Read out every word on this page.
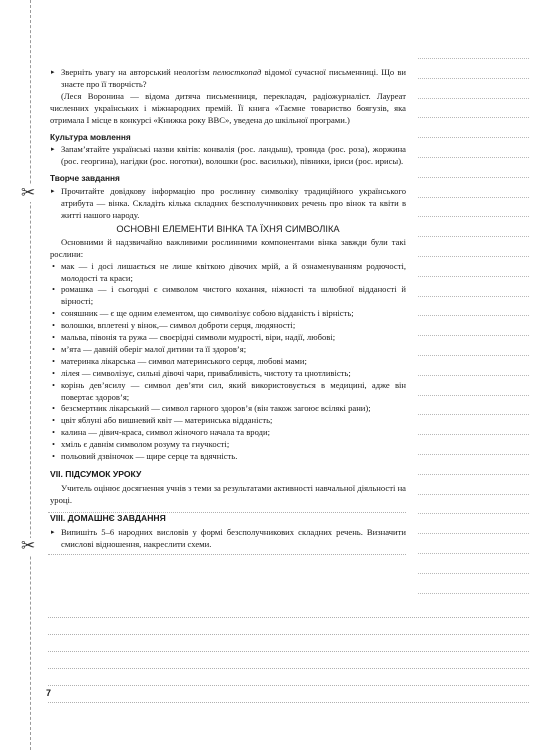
✂
✂

▸ Зверніть увагу на авторський неологізм пелюсткопад відомої сучасної письменниці. Що ви знаєте про її творчість?

(Леся Воронина — відома дитяча письменниця, перекладач, радіожурналіст. Лауреат численних українських і міжнародних премій. Її книга «Таємне товариство боягузів, яка отримала I місце в конкурсі «Книжка року ВВС», уведена до шкільної програми.)

Культура мовлення

▸ Запам’ятайте українські назви квітів: конвалія (рос. ландыш), троянда (рос. роза), жоржина (рос. георгина), нагідки (рос. ноготки), волошки (рос. васильки), півники, іриси (рос. ирисы).

Творче завдання

▸ Прочитайте довідкову інформацію про рослинну символіку традиційного українського атрибута — вінка. Складіть кілька складних безсполучникових речень про вінок та квіти в житті нашого народу.

ОСНОВНІ ЕЛЕМЕНТИ ВІНКА ТА ЇХНЯ СИМВОЛІКА

Основними й надзвичайно важливими рослинними компонентами вінка завжди були такі рослини:

• мак — і досі лишається не лише квіткою дівочих мрій, а й ознаменуванням родючості, молодості та краси;
• ромашка — і сьогодні є символом чистого кохання, ніжності та шлюбної відданості й вірності;
• соняшник — є ще одним елементом, що символізує собою відданість і вірність;
• волошки, вплетені у вінок,— символ доброти серця, людяності;
• мальва, півонія та ружа — своєрідні символи мудрості, віри, надії, любові;
• м’ята — давній оберіг малої дитини та її здоров’я;
• материнка лікарська — символ материнського серця, любові мами;
• лілея — символізує, сильні дівочі чари, привабливість, чистоту та цнотливість;
• корінь дев’ясилу — символ дев’яти сил, який використовується в медицині, адже він повертає здоров’я;
• безсмертник лікарський — символ гарного здоров’я (він також загоює всілякі рани);
• цвіт яблуні або вишневий квіт — материнська відданість;
• калина — дівич-краса, символ жіночого начала та вроди;
• хміль є давнім символом розуму та гнучкості;
• польовий дзвіночок — щире серце та вдячність.
VII. ПІДСУМОК УРОКУ

Учитель оцінює досягнення учнів з теми за результатами активності навчальної діяльності на уроці.

VIII. ДОМАШНЄ ЗАВДАННЯ

▸ Випишіть 5–6 народних висловів у формі безсполучникових складних речень. Визначити смислові відношення, накреслити схеми.

7
